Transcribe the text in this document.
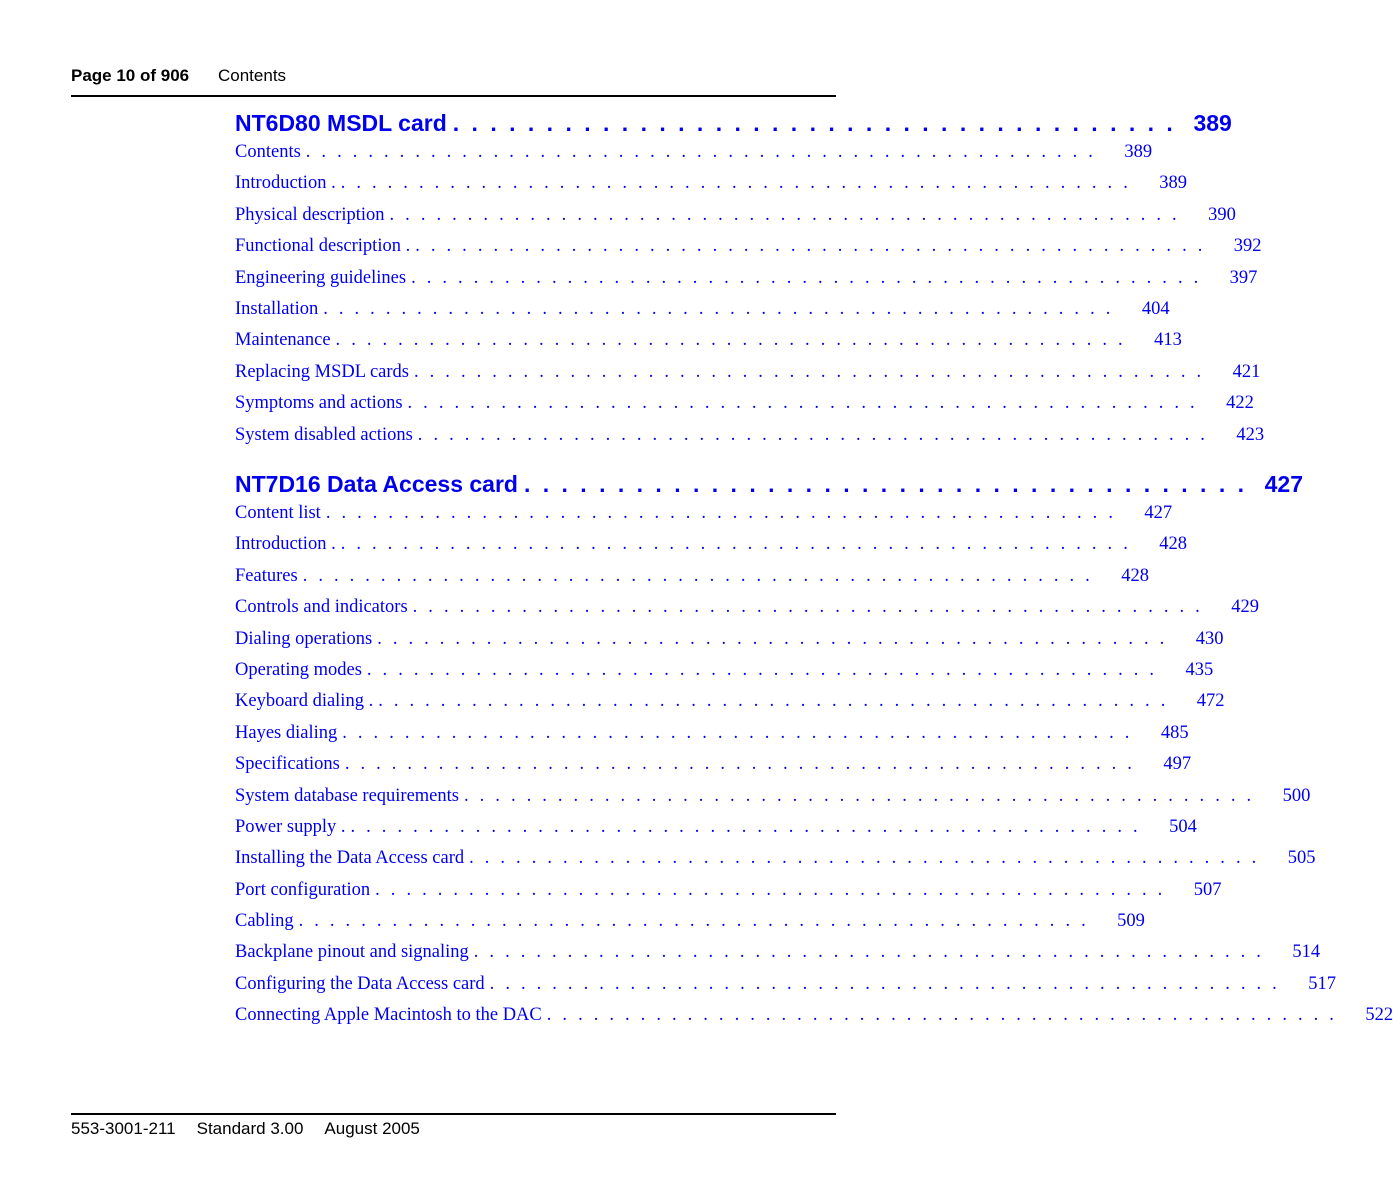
Page 10 of 906 Contents
NT6D80 MSDL card . . . . . . . . . . . . . . . . . . . . . . . . . . . . . . . . . . . . . . . 389
Contents . . . . . . . . . . . . . . . . . . . . . . . . . . . . . . . . . . . . . . . . . . . . . . . . . . .	389
Introduction . . . . . . . . . . . . . . . . . . . . . . . . . . . . . . . . . . . . . . . . . . . . . . . . . . . .	389
Physical description . . . . . . . . . . . . . . . . . . . . . . . . . . . . . . . . . . . . . . . . . . . . . . . . . . .	390
Functional description . . . . . . . . . . . . . . . . . . . . . . . . . . . . . . . . . . . . . . . . . . . . . . . . . . . .	392
Engineering guidelines . . . . . . . . . . . . . . . . . . . . . . . . . . . . . . . . . . . . . . . . . . . . . . . . . . .	397
Installation . . . . . . . . . . . . . . . . . . . . . . . . . . . . . . . . . . . . . . . . . . . . . . . . . . .	404
Maintenance . . . . . . . . . . . . . . . . . . . . . . . . . . . . . . . . . . . . . . . . . . . . . . . . . . .	413
Replacing MSDL cards . . . . . . . . . . . . . . . . . . . . . . . . . . . . . . . . . . . . . . . . . . . . . . . . . . .	421
Symptoms and actions . . . . . . . . . . . . . . . . . . . . . . . . . . . . . . . . . . . . . . . . . . . . . . . . . . .	422
System disabled actions . . . . . . . . . . . . . . . . . . . . . . . . . . . . . . . . . . . . . . . . . . . . . . . . . . .	423
NT7D16 Data Access card . . . . . . . . . . . . . . . . . . . . . . . . . . . . . . . . . . . . . . . 427
Content list . . . . . . . . . . . . . . . . . . . . . . . . . . . . . . . . . . . . . . . . . . . . . . . . . . .	427
Introduction . . . . . . . . . . . . . . . . . . . . . . . . . . . . . . . . . . . . . . . . . . . . . . . . . . . .	428
Features . . . . . . . . . . . . . . . . . . . . . . . . . . . . . . . . . . . . . . . . . . . . . . . . . . .	428
Controls and indicators . . . . . . . . . . . . . . . . . . . . . . . . . . . . . . . . . . . . . . . . . . . . . . . . . . .	429
Dialing operations . . . . . . . . . . . . . . . . . . . . . . . . . . . . . . . . . . . . . . . . . . . . . . . . . . .	430
Operating modes . . . . . . . . . . . . . . . . . . . . . . . . . . . . . . . . . . . . . . . . . . . . . . . . . . .	435
Keyboard dialing . . . . . . . . . . . . . . . . . . . . . . . . . . . . . . . . . . . . . . . . . . . . . . . . . . . .	472
Hayes dialing . . . . . . . . . . . . . . . . . . . . . . . . . . . . . . . . . . . . . . . . . . . . . . . . . . .	485
Specifications . . . . . . . . . . . . . . . . . . . . . . . . . . . . . . . . . . . . . . . . . . . . . . . . . . .	497
System database requirements . . . . . . . . . . . . . . . . . . . . . . . . . . . . . . . . . . . . . . . . . . . . . . . . . . .	500
Power supply . . . . . . . . . . . . . . . . . . . . . . . . . . . . . . . . . . . . . . . . . . . . . . . . . . . .	504
Installing the Data Access card . . . . . . . . . . . . . . . . . . . . . . . . . . . . . . . . . . . . . . . . . . . . . . . . . . .	505
Port configuration . . . . . . . . . . . . . . . . . . . . . . . . . . . . . . . . . . . . . . . . . . . . . . . . . . .	507
Cabling . . . . . . . . . . . . . . . . . . . . . . . . . . . . . . . . . . . . . . . . . . . . . . . . . . .	509
Backplane pinout and signaling . . . . . . . . . . . . . . . . . . . . . . . . . . . . . . . . . . . . . . . . . . . . . . . . . . .	514
Configuring the Data Access card . . . . . . . . . . . . . . . . . . . . . . . . . . . . . . . . . . . . . . . . . . . . . . . . . . .	517
Connecting Apple Macintosh to the DAC . . . . . . . . . . . . . . . . . . . . . . . . . . . . . . . . . . . . . . . . . . . . . . . . . . .	522
553-3001-211 Standard 3.00 August 2005
